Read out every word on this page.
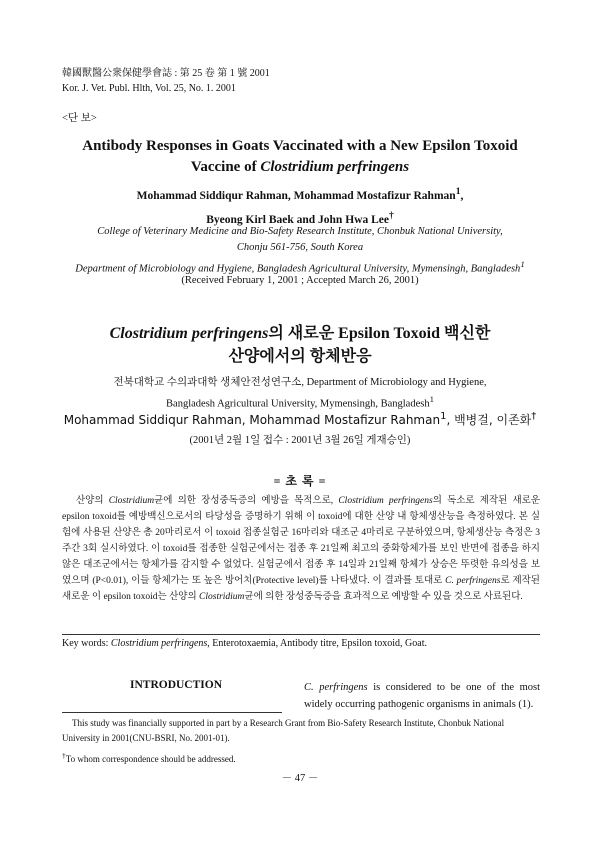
韓國獸醫公衆保健學會誌 : 第 25 卷 第 1 號 2001
Kor. J. Vet. Publ. Hlth, Vol. 25, No. 1. 2001
<단 보>
Antibody Responses in Goats Vaccinated with a New Epsilon Toxoid
Vaccine of Clostridium perfringens
Mohammad Siddiqur Rahman, Mohammad Mostafizur Rahman$^1$,
Byeong Kirl Baek and John Hwa Lee†
College of Veterinary Medicine and Bio-Safety Research Institute, Chonbuk National University,
Chonju 561-756, South Korea
Department of Microbiology and Hygiene, Bangladesh Agricultural University, Mymensingh, Bangladesh$^1$
(Received February 1, 2001 ; Accepted March 26, 2001)
Clostridium perfringens의 새로운 Epsilon Toxoid 백신한
산양에서의 항체반응
전북대학교 수의과대학 생체안전성연구소, Department of Microbiology and Hygiene,
Bangladesh Agricultural University, Mymensingh, Bangladesh$^1$
Mohammad Siddiqur Rahman, Mohammad Mostafizur Rahman$^1$, 백병걸, 이존화†
(2001년 2월 1일 접수 : 2001년 3월 26일 게재승인)
= 초 록 =

산양의 Clostridium균에 의한 장성중독증의 예방을 목적으로, Clostridium perfringens의 독소로 제작된 새로운 epsilon toxoid를 예방백신으로서의 타당성을 증명하기 위해 이 toxoid에 대한 산양 내 항체생산능을 측정하였다. 본 실험에 사용된 산양은 총 20마리로서 이 toxoid 접종실험군 16마리와 대조군 4마리로 구분하였으며, 항체생산능 측정은 3주간 3회 실시하였다. 이 toxoid를 접종한 실험군에서는 접종 후 21일째 최고의 중화항체가를 보인 반면에 접종을 하지 않은 대조군에서는 항체가를 감지할 수 없었다. 실험군에서 접종 후 14일과 21일째 항체가 상승은 뚜렷한 유의성을 보였으며 (P<0.01), 이들 항체가는 또 높은 방어치(Protective level)를 나타냈다. 이 결과를 토대로 C. perfringens로 제작된 새로운 이 epsilon toxoid는 산양의 Clostridium균에 의한 장성중독증을 효과적으로 예방할 수 있을 것으로 사료된다.

Key words: Clostridium perfringens, Enterotoxaemia, Antibody titre, Epsilon toxoid, Goat.
INTRODUCTION	C. perfringens is considered to be one of the most widely occurring pathogenic organisms in animals (1).

This study was financially supported in part by a Research Grant from Bio-Safety Research Institute, Chonbuk National University in 2001(CNU-BSRI, No. 2001-01).

†To whom correspondence should be addressed.

－ 47 －
